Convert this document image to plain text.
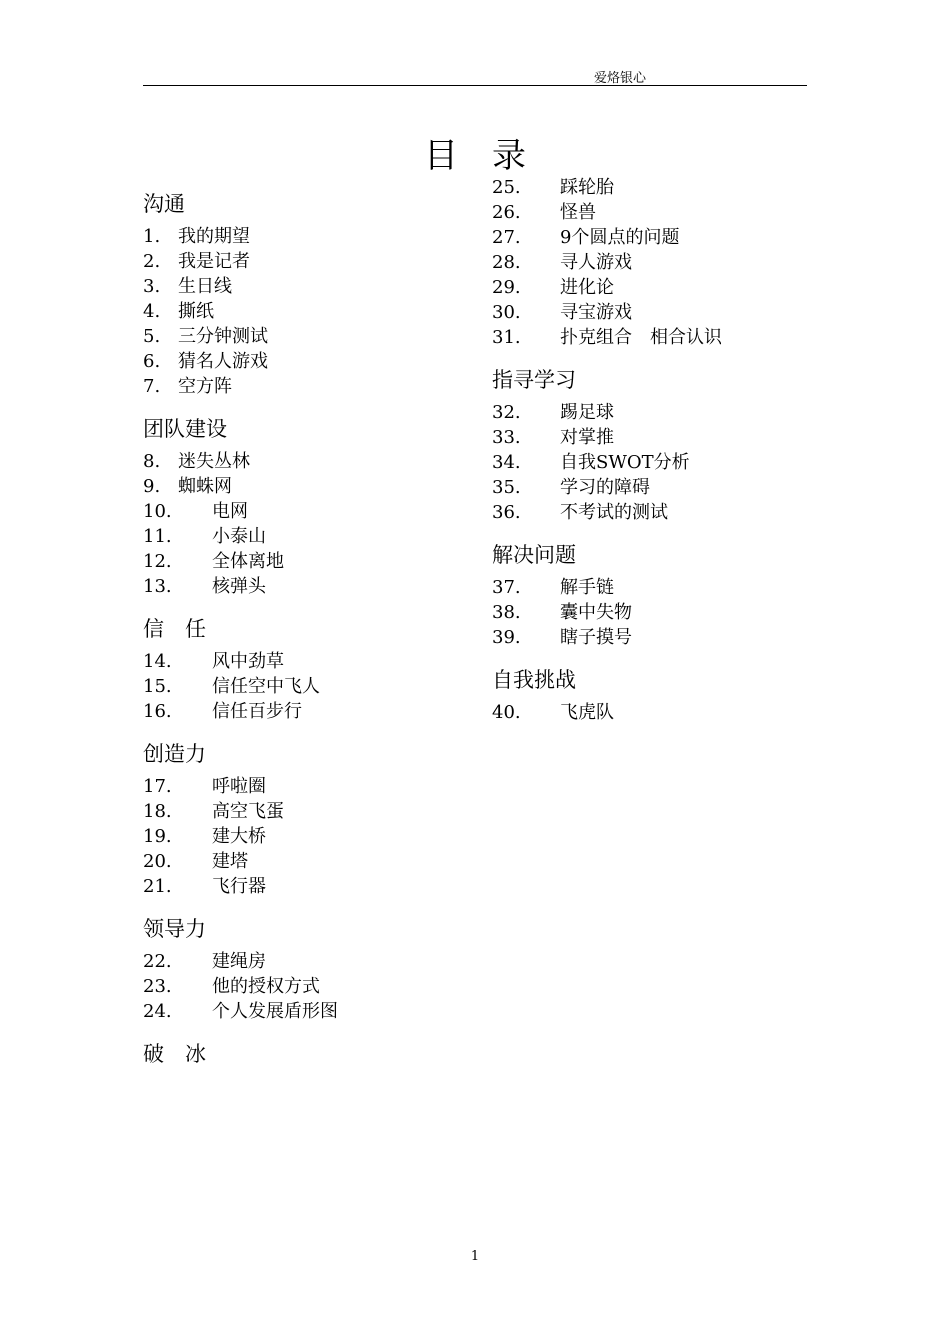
爱烙银心
目　录
沟通
1. 我的期望
2. 我是记者
3. 生日线
4. 撕纸
5. 三分钟测试
6. 猜名人游戏
7. 空方阵
团队建设
8. 迷失丛林
9. 蜘蛛网
10. 电网
11. 小泰山
12. 全体离地
13. 核弹头
信　任
14. 风中劲草
15. 信任空中飞人
16. 信任百步行
创造力
17. 呼啦圈
18. 高空飞蛋
19. 建大桥
20. 建塔
21. 飞行器
领导力
22. 建绳房
23. 他的授权方式
24. 个人发展盾形图
破　冰
25. 踩轮胎
26. 怪兽
27. 9个圆点的问题
28. 寻人游戏
29. 进化论
30. 寻宝游戏
31. 扑克组合　相合认识
指寻学习
32. 踢足球
33. 对掌推
34. 自我SWOT分析
35. 学习的障碍
36. 不考试的测试
解决问题
37. 解手链
38. 囊中失物
39. 瞎子摸号
自我挑战
40. 飞虎队
1
